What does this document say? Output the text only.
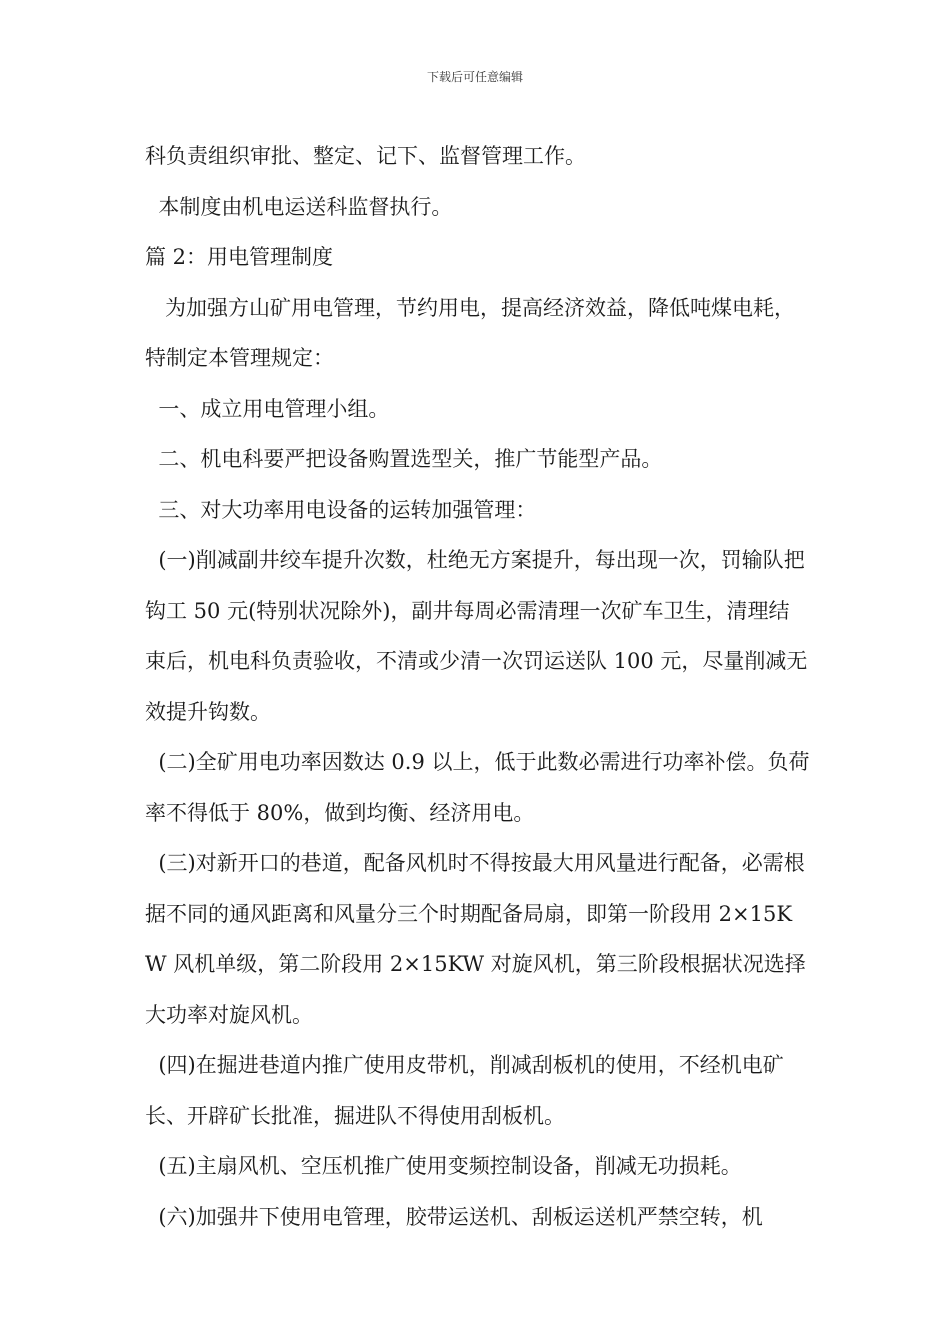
下载后可任意编辑

科负责组织审批、整定、记下、监督管理工作。

本制度由机电运送科监督执行。

篇 2：用电管理制度

为加强方山矿用电管理，节约用电，提高经济效益，降低吨煤电耗，特制定本管理规定：

一、成立用电管理小组。

二、机电科要严把设备购置选型关，推广节能型产品。

三、对大功率用电设备的运转加强管理：

(一)削减副井绞车提升次数，杜绝无方案提升，每出现一次，罚输队把钩工 50 元(特别状况除外)，副井每周必需清理一次矿车卫生，清理结束后，机电科负责验收，不清或少清一次罚运送队 100 元，尽量削减无效提升钩数。

(二)全矿用电功率因数达 0.9 以上，低于此数必需进行功率补偿。负荷率不得低于 80%，做到均衡、经济用电。

(三)对新开口的巷道，配备风机时不得按最大用风量进行配备，必需根据不同的通风距离和风量分三个时期配备局扇，即第一阶段用 2×15KW 风机单级，第二阶段用 2×15KW 对旋风机，第三阶段根据状况选择大功率对旋风机。

(四)在掘进巷道内推广使用皮带机，削减刮板机的使用，不经机电矿长、开辟矿长批准，掘进队不得使用刮板机。

(五)主扇风机、空压机推广使用变频控制设备，削减无功损耗。

(六)加强井下使用电管理，胶带运送机、刮板运送机严禁空转，机
